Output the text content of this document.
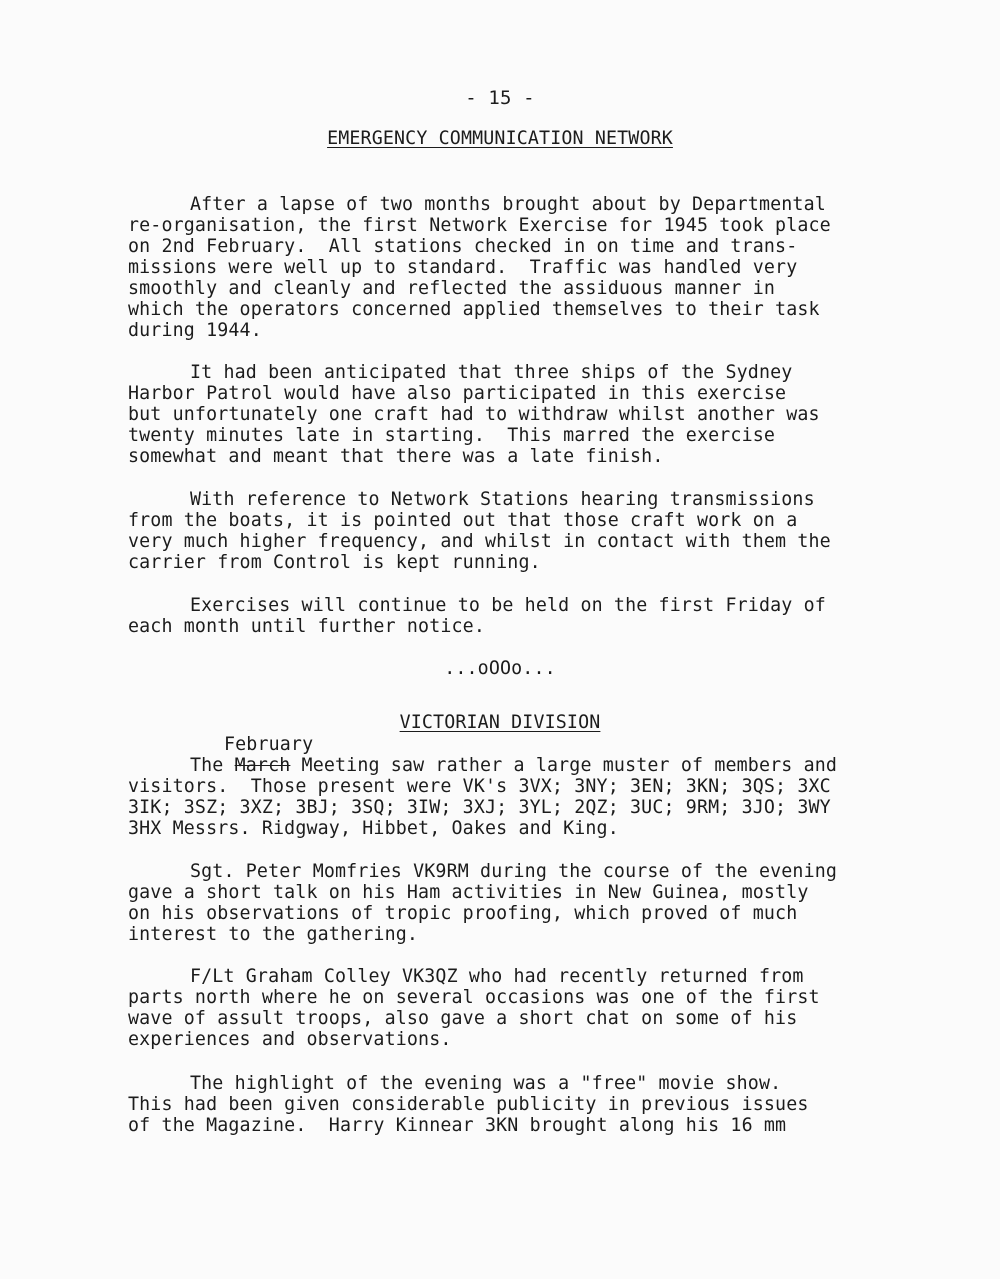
- 15 -
EMERGENCY COMMUNICATION NETWORK
After a lapse of two months brought about by Departmental
re-organisation, the first Network Exercise for 1945 took place
on 2nd February.  All stations checked in on time and trans-
missions were well up to standard.  Traffic was handled very
smoothly and cleanly and reflected the assiduous manner in
which the operators concerned applied themselves to their task
during 1944.
It had been anticipated that three ships of the Sydney
Harbor Patrol would have also participated in this exercise
but unfortunately one craft had to withdraw whilst another was
twenty minutes late in starting.  This marred the exercise
somewhat and meant that there was a late finish.
With reference to Network Stations hearing transmissions
from the boats, it is pointed out that those craft work on a
very much higher frequency, and whilst in contact with them the
carrier from Control is kept running.
Exercises will continue to be held on the first Friday of
each month until further notice.
...oOOo...
VICTORIAN DIVISION
February
The March Meeting saw rather a large muster of members and
visitors.  Those present were VK's 3VX; 3NY; 3EN; 3KN; 3QS; 3XC
3IK; 3SZ; 3XZ; 3BJ; 3SQ; 3IW; 3XJ; 3YL; 2QZ; 3UC; 9RM; 3JO; 3WY
3HX Messrs. Ridgway, Hibbet, Oakes and King.
Sgt. Peter Momfries VK9RM during the course of the evening
gave a short talk on his Ham activities in New Guinea, mostly
on his observations of tropic proofing, which proved of much
interest to the gathering.
F/Lt Graham Colley VK3QZ who had recently returned from
parts north where he on several occasions was one of the first
wave of assult troops, also gave a short chat on some of his
experiences and observations.
The highlight of the evening was a "free" movie show.
This had been given considerable publicity in previous issues
of the Magazine.  Harry Kinnear 3KN brought along his 16 mm
